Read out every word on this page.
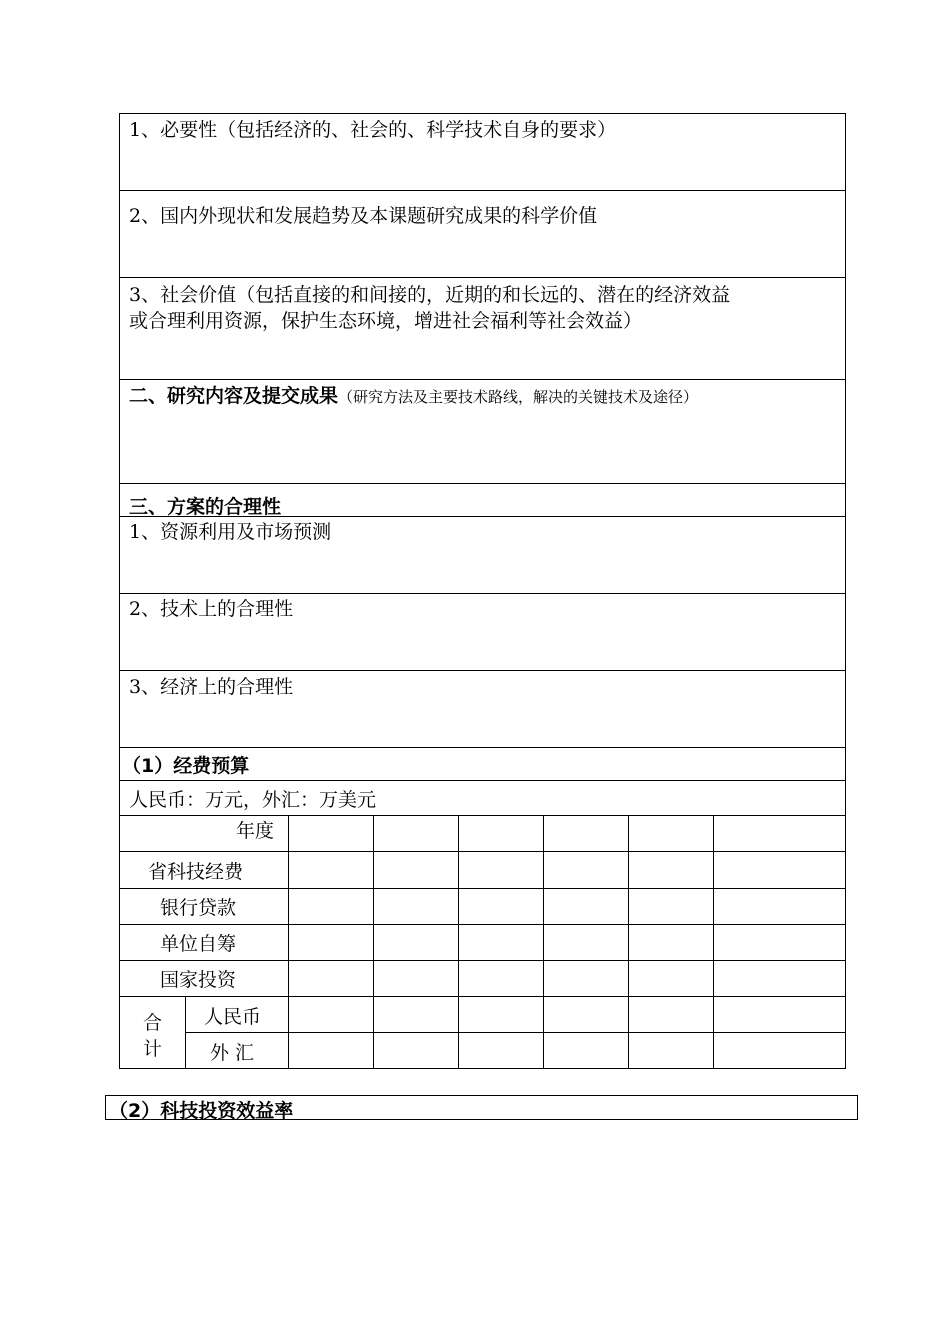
1、必要性（包括经济的、社会的、科学技术自身的要求）
2、国内外现状和发展趋势及本课题研究成果的科学价值
3、社会价值（包括直接的和间接的，近期的和长远的、潜在的经济效益
或合理利用资源，保护生态环境，增进社会福利等社会效益）
二、研究内容及提交成果（研究方法及主要技术路线，解决的关键技术及途径）
三、方案的合理性
1、资源利用及市场预测
2、技术上的合理性
3、经济上的合理性
（1）经费预算
人民币：万元，外汇：万美元
年度
省科技经费
银行贷款
单位自筹
国家投资
合
计
人民币
外 汇
（2）科技投资效益率
